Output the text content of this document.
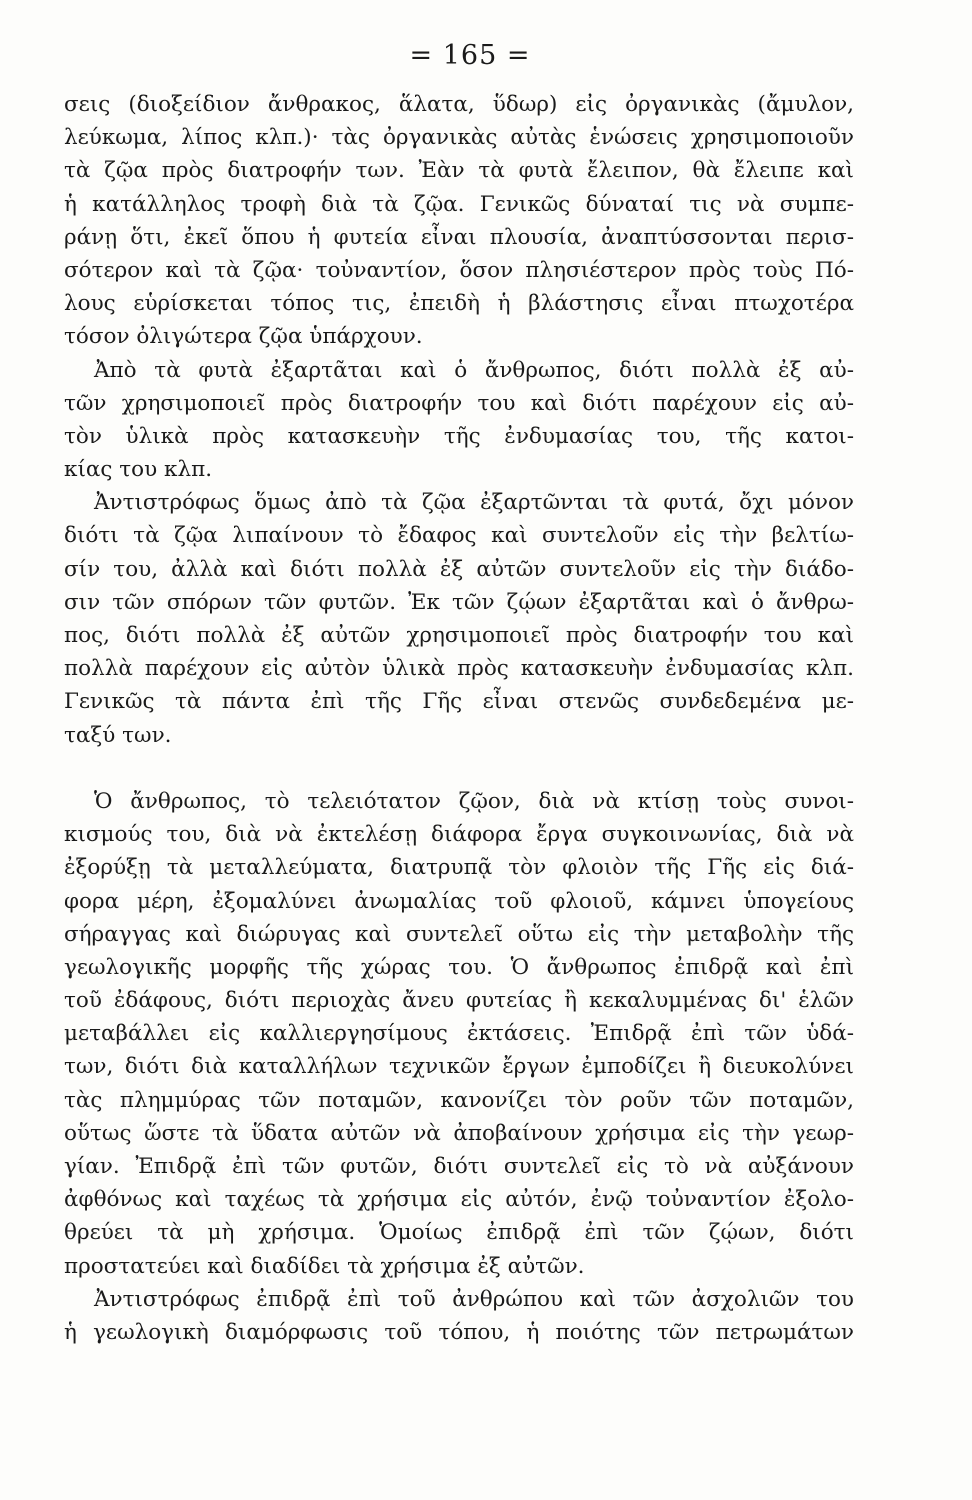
= 165 =
σεις (διοξείδιον ἄνθρακος, ἅλατα, ὕδωρ) εἰς ὀργανικὰς (ἄμυλον,
λεύκωμα, λίπος κλπ.)· τὰς ὀργανικὰς αὐτὰς ἑνώσεις χρησιμοποιοῦν
τὰ ζῷα πρὸς διατροφήν των. Ἐὰν τὰ φυτὰ ἔλειπον, θὰ ἔλειπε καὶ
ἡ κατάλληλος τροφὴ διὰ τὰ ζῷα. Γενικῶς δύναταί τις νὰ συμπε-
ράνῃ ὅτι, ἐκεῖ ὅπου ἡ φυτεία εἶναι πλουσία, ἀναπτύσσονται περισ-
σότερον καὶ τὰ ζῷα· τοὐναντίον, ὅσον πλησιέστερον πρὸς τοὺς Πό-
λους εὑρίσκεται τόπος τις, ἐπειδὴ ἡ βλάστησις εἶναι πτωχοτέρα
τόσον ὀλιγώτερα ζῷα ὑπάρχουν.
Ἀπὸ τὰ φυτὰ ἐξαρτᾶται καὶ ὁ ἄνθρωπος, διότι πολλὰ ἐξ αὐ-
τῶν χρησιμοποιεῖ πρὸς διατροφήν του καὶ διότι παρέχουν εἰς αὐ-
τὸν ὑλικὰ πρὸς κατασκευὴν τῆς ἐνδυμασίας του, τῆς κατοι-
κίας του κλπ.
Ἀντιστρόφως ὅμως ἀπὸ τὰ ζῷα ἐξαρτῶνται τὰ φυτά, ὄχι μόνον
διότι τὰ ζῷα λιπαίνουν τὸ ἔδαφος καὶ συντελοῦν εἰς τὴν βελτίω-
σίν του, ἀλλὰ καὶ διότι πολλὰ ἐξ αὐτῶν συντελοῦν εἰς τὴν διάδο-
σιν τῶν σπόρων τῶν φυτῶν. Ἐκ τῶν ζῴων ἐξαρτᾶται καὶ ὁ ἄνθρω-
πος, διότι πολλὰ ἐξ αὐτῶν χρησιμοποιεῖ πρὸς διατροφήν του καὶ
πολλὰ παρέχουν εἰς αὐτὸν ὑλικὰ πρὸς κατασκευὴν ἐνδυμασίας κλπ.
Γενικῶς τὰ πάντα ἐπὶ τῆς Γῆς εἶναι στενῶς συνδεδεμένα με-
ταξύ των.
Ὁ ἄνθρωπος, τὸ τελειότατον ζῷον, διὰ νὰ κτίσῃ τοὺς συνοι-
κισμούς του, διὰ νὰ ἐκτελέσῃ διάφορα ἔργα συγκοινωνίας, διὰ νὰ
ἐξορύξῃ τὰ μεταλλεύματα, διατρυπᾷ τὸν φλοιὸν τῆς Γῆς εἰς διά-
φορα μέρη, ἐξομαλύνει ἀνωμαλίας τοῦ φλοιοῦ, κάμνει ὑπογείους
σήραγγας καὶ διώρυγας καὶ συντελεῖ οὕτω εἰς τὴν μεταβολὴν τῆς
γεωλογικῆς μορφῆς τῆς χώρας του. Ὁ ἄνθρωπος ἐπιδρᾷ καὶ ἐπὶ
τοῦ ἐδάφους, διότι περιοχὰς ἄνευ φυτείας ἢ κεκαλυμμένας δι' ἑλῶν
μεταβάλλει εἰς καλλιεργησίμους ἐκτάσεις. Ἐπιδρᾷ ἐπὶ τῶν ὑδά-
των, διότι διὰ καταλλήλων τεχνικῶν ἔργων ἐμποδίζει ἢ διευκολύνει
τὰς πλημμύρας τῶν ποταμῶν, κανονίζει τὸν ροῦν τῶν ποταμῶν,
οὕτως ὥστε τὰ ὕδατα αὐτῶν νὰ ἀποβαίνουν χρήσιμα εἰς τὴν γεωρ-
γίαν. Ἐπιδρᾷ ἐπὶ τῶν φυτῶν, διότι συντελεῖ εἰς τὸ νὰ αὐξάνουν
ἀφθόνως καὶ ταχέως τὰ χρήσιμα εἰς αὐτόν, ἐνῷ τοὐναντίον ἐξολο-
θρεύει τὰ μὴ χρήσιμα. Ὁμοίως ἐπιδρᾷ ἐπὶ τῶν ζῴων, διότι
προστατεύει καὶ διαδίδει τὰ χρήσιμα ἐξ αὐτῶν.
Ἀντιστρόφως ἐπιδρᾷ ἐπὶ τοῦ ἀνθρώπου καὶ τῶν ἀσχολιῶν του
ἡ γεωλογικὴ διαμόρφωσις τοῦ τόπου, ἡ ποιότης τῶν πετρωμάτων
